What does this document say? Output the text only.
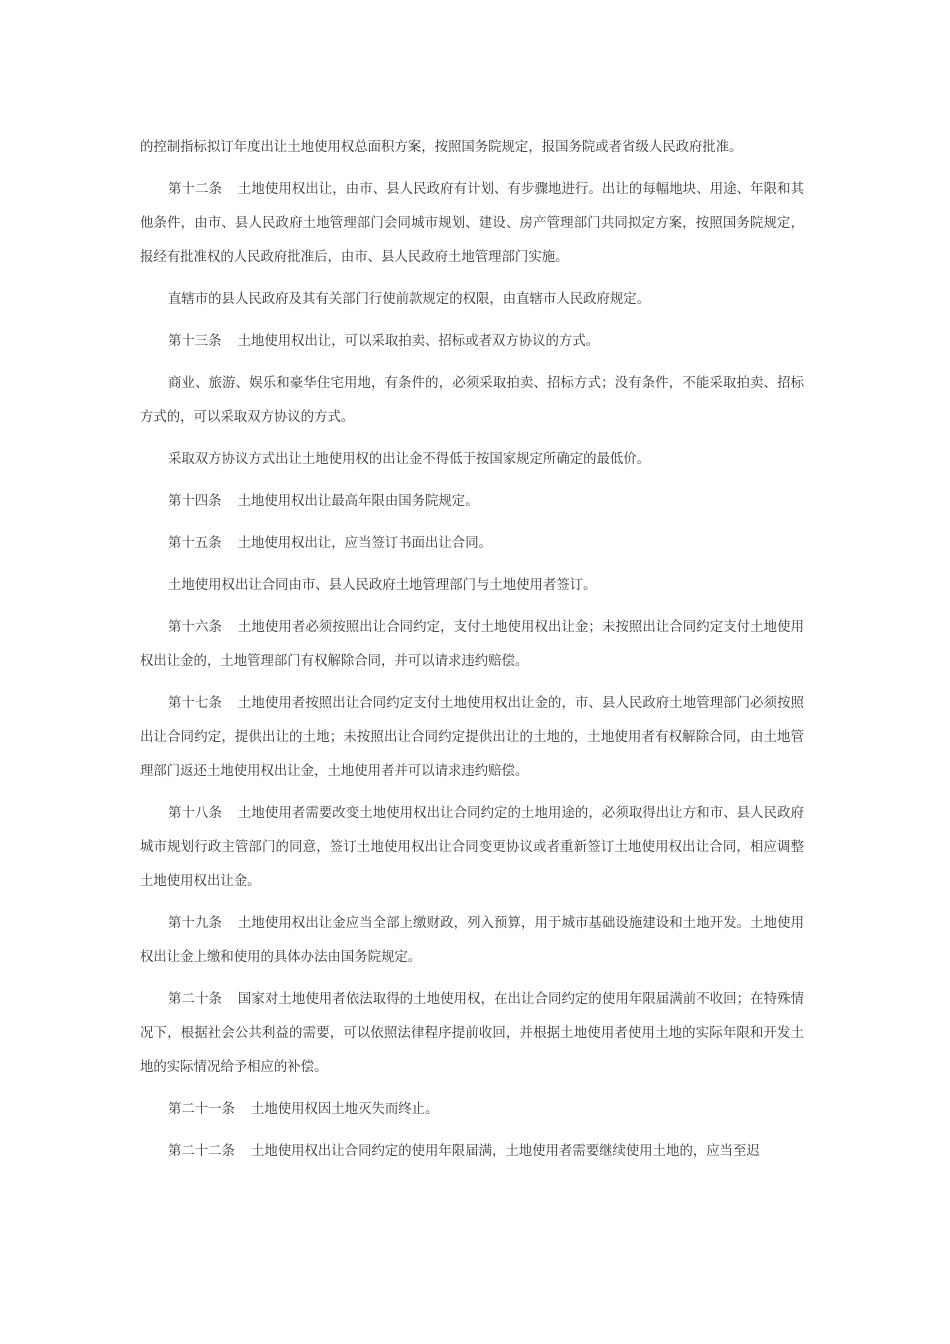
的控制指标拟订年度出让土地使用权总面积方案，按照国务院规定，报国务院或者省级人民政府批准。

第十二条 土地使用权出让，由市、县人民政府有计划、有步骤地进行。出让的每幅地块、用途、年限和其他条件，由市、县人民政府土地管理部门会同城市规划、建设、房产管理部门共同拟定方案，按照国务院规定，报经有批准权的人民政府批准后，由市、县人民政府土地管理部门实施。

直辖市的县人民政府及其有关部门行使前款规定的权限，由直辖市人民政府规定。

第十三条 土地使用权出让，可以采取拍卖、招标或者双方协议的方式。

商业、旅游、娱乐和豪华住宅用地，有条件的，必须采取拍卖、招标方式；没有条件，不能采取拍卖、招标方式的，可以采取双方协议的方式。

采取双方协议方式出让土地使用权的出让金不得低于按国家规定所确定的最低价。

第十四条 土地使用权出让最高年限由国务院规定。

第十五条 土地使用权出让，应当签订书面出让合同。

土地使用权出让合同由市、县人民政府土地管理部门与土地使用者签订。

第十六条 土地使用者必须按照出让合同约定，支付土地使用权出让金；未按照出让合同约定支付土地使用权出让金的，土地管理部门有权解除合同，并可以请求违约赔偿。

第十七条 土地使用者按照出让合同约定支付土地使用权出让金的，市、县人民政府土地管理部门必须按照出让合同约定，提供出让的土地；未按照出让合同约定提供出让的土地的，土地使用者有权解除合同，由土地管理部门返还土地使用权出让金，土地使用者并可以请求违约赔偿。

第十八条 土地使用者需要改变土地使用权出让合同约定的土地用途的，必须取得出让方和市、县人民政府城市规划行政主管部门的同意，签订土地使用权出让合同变更协议或者重新签订土地使用权出让合同，相应调整土地使用权出让金。

第十九条 土地使用权出让金应当全部上缴财政，列入预算，用于城市基础设施建设和土地开发。土地使用权出让金上缴和使用的具体办法由国务院规定。

第二十条 国家对土地使用者依法取得的土地使用权，在出让合同约定的使用年限届满前不收回；在特殊情况下，根据社会公共利益的需要，可以依照法律程序提前收回，并根据土地使用者使用土地的实际年限和开发土地的实际情况给予相应的补偿。

第二十一条 土地使用权因土地灭失而终止。

第二十二条 土地使用权出让合同约定的使用年限届满，土地使用者需要继续使用土地的，应当至迟
